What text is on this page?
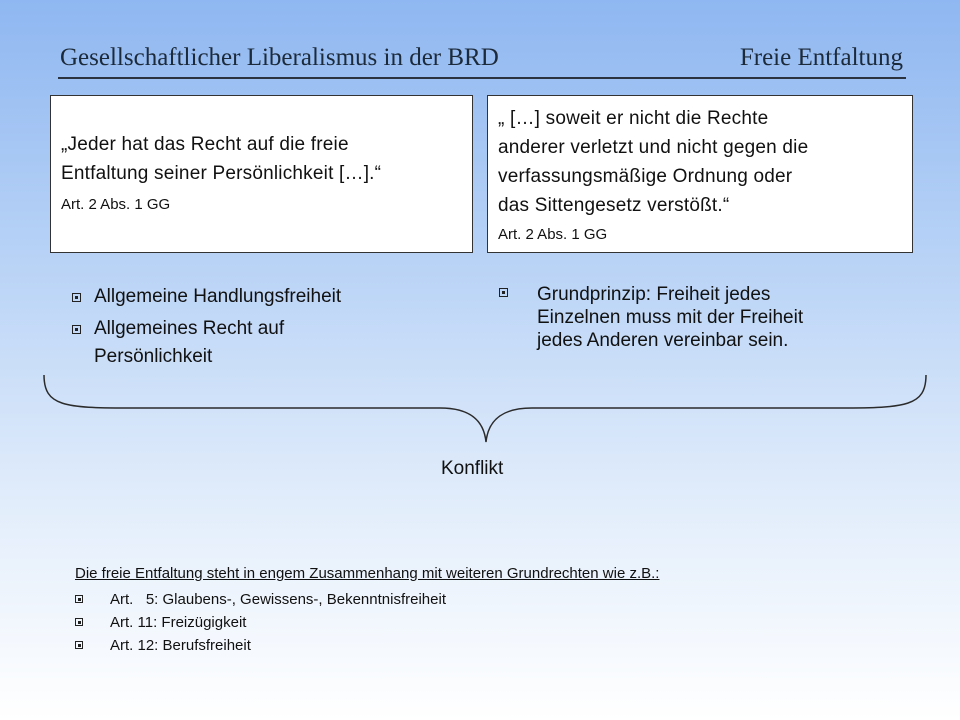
Gesellschaftlicher Liberalismus in der BRD	Freie Entfaltung
„Jeder hat das Recht auf die freie
Entfaltung seiner Persönlichkeit […].“
Art. 2 Abs. 1 GG
„ […] soweit er nicht die Rechte
anderer verletzt und nicht gegen die
verfassungsmäßige Ordnung oder
das Sittengesetz verstößt.“
Art. 2 Abs. 1 GG
Allgemeine Handlungsfreiheit
Allgemeines Recht auf
Persönlichkeit
Grundprinzip: Freiheit jedes
Einzelnen muss mit der Freiheit
jedes Anderen vereinbar sein.
Konflikt
Die freie Entfaltung steht in engem Zusammenhang mit weiteren Grundrechten wie z.B.:
Art.   5: Glaubens-, Gewissens-, Bekenntnisfreiheit
Art. 11: Freizügigkeit
Art. 12: Berufsfreiheit
